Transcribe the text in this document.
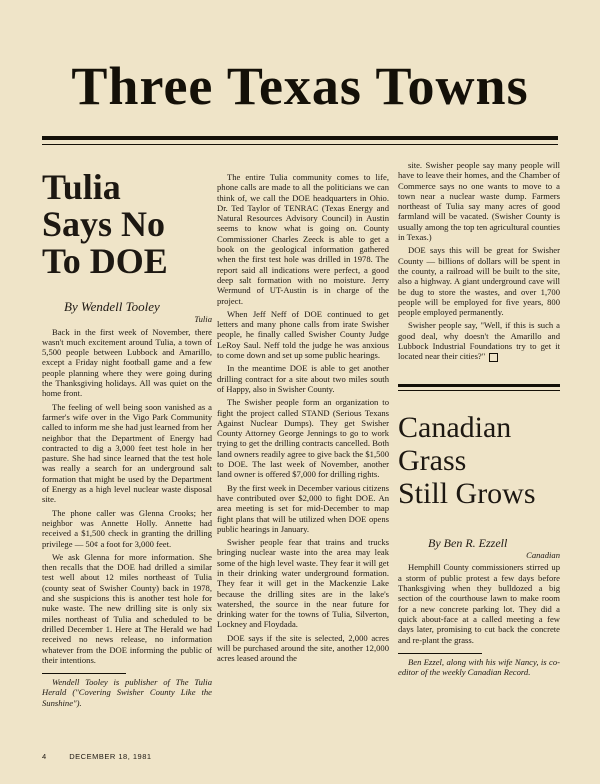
Three Texas Towns
Tulia
Says No
To DOE
By Wendell Tooley
Tulia

Back in the first week of November, there wasn't much excitement around Tulia, a town of 5,500 people between Lubbock and Amarillo, except a Friday night football game and a few people planning where they were going during the Thanksgiving holidays. All was quiet on the home front.

The feeling of well being soon vanished as a farmer's wife over in the Vigo Park Community called to inform me she had just learned from her neighbor that the Department of Energy had contracted to dig a 3,000 feet test hole in her pasture. She had since learned that the test hole was really a search for an underground salt formation that might be used by the Department of Energy as a high level nuclear waste disposal site.

The phone caller was Glenna Crooks; her neighbor was Annette Holly. Annette had received a $1,500 check in granting the drilling privilege — 50¢ a foot for 3,000 feet.

We ask Glenna for more information. She then recalls that the DOE had drilled a similar test well about 12 miles northeast of Tulia (county seat of Swisher County) back in 1978, and she suspicions this is another test hole for nuke waste. The new drilling site is only six miles northeast of Tulia and scheduled to be drilled December 1. Here at The Herald we had received no news release, no information whatever from the DOE informing the public of their intentions.

Wendell Tooley is publisher of The Tulia Herald ("Covering Swisher County Like the Sunshine").

The entire Tulia community comes to life, phone calls are made to all the politicians we can think of, we call the DOE headquarters in Ohio. Dr. Ted Taylor of TENRAC (Texas Energy and Natural Resources Advisory Council) in Austin seems to know what is going on. County Commissioner Charles Zeeck is able to get a book on the geological information gathered when the first test hole was drilled in 1978. The report said all indications were perfect, a good deep salt formation with no moisture. Jerry Wermund of UT-Austin is in charge of the project.

When Jeff Neff of DOE continued to get letters and many phone calls from irate Swisher people, he finally called Swisher County Judge LeRoy Saul. Neff told the judge he was anxious to come down and set up some public hearings.

In the meantime DOE is able to get another drilling contract for a site about two miles south of Happy, also in Swisher County.

The Swisher people form an organization to fight the project called STAND (Serious Texans Against Nuclear Dumps). They get Swisher County Attorney George Jennings to go to work trying to get the drilling contracts cancelled. Both land owners readily agree to give back the $1,500 to DOE. The last week of November, another land owner is offered $7,000 for drilling rights.

By the first week in December various citizens have contributed over $2,000 to fight DOE. An area meeting is set for mid-December to map fight plans that will be utilized when DOE opens public hearings in January.

Swisher people fear that trains and trucks bringing nuclear waste into the area may leak some of the high level waste. They fear it will get in their drinking water underground formation. They fear it will get in the Mackenzie Lake because the drilling sites are in the lake's watershed, the source in the near future for drinking water for the towns of Tulia, Silverton, Lockney and Floydada.

DOE says if the site is selected, 2,000 acres will be purchased around the site, another 12,000 acres leased around the

site. Swisher people say many people will have to leave their homes, and the Chamber of Commerce says no one wants to move to a town near a nuclear waste dump. Farmers northeast of Tulia say many acres of good farmland will be vacated. (Swisher County is usually among the top ten agricultural counties in Texas.)

DOE says this will be great for Swisher County — billions of dollars will be spent in the county, a railroad will be built to the site, also a highway. A giant underground cave will be dug to store the wastes, and over 1,700 people will be employed for five years, 800 people employed permanently.

Swisher people say, "Well, if this is such a good deal, why doesn't the Amarillo and Lubbock Industrial Foundations try to get it located near their cities?"

Canadian
Grass
Still Grows
By Ben R. Ezzell
Canadian

Hemphill County commissioners stirred up a storm of public protest a few days before Thanksgiving when they bulldozed a big section of the courthouse lawn to make room for a new concrete parking lot. They did a quick about-face at a called meeting a few days later, promising to cut back the concrete and re-plant the grass.

Ben Ezzel, along with his wife Nancy, is co-editor of the weekly Canadian Record.

4	DECEMBER 18, 1981
